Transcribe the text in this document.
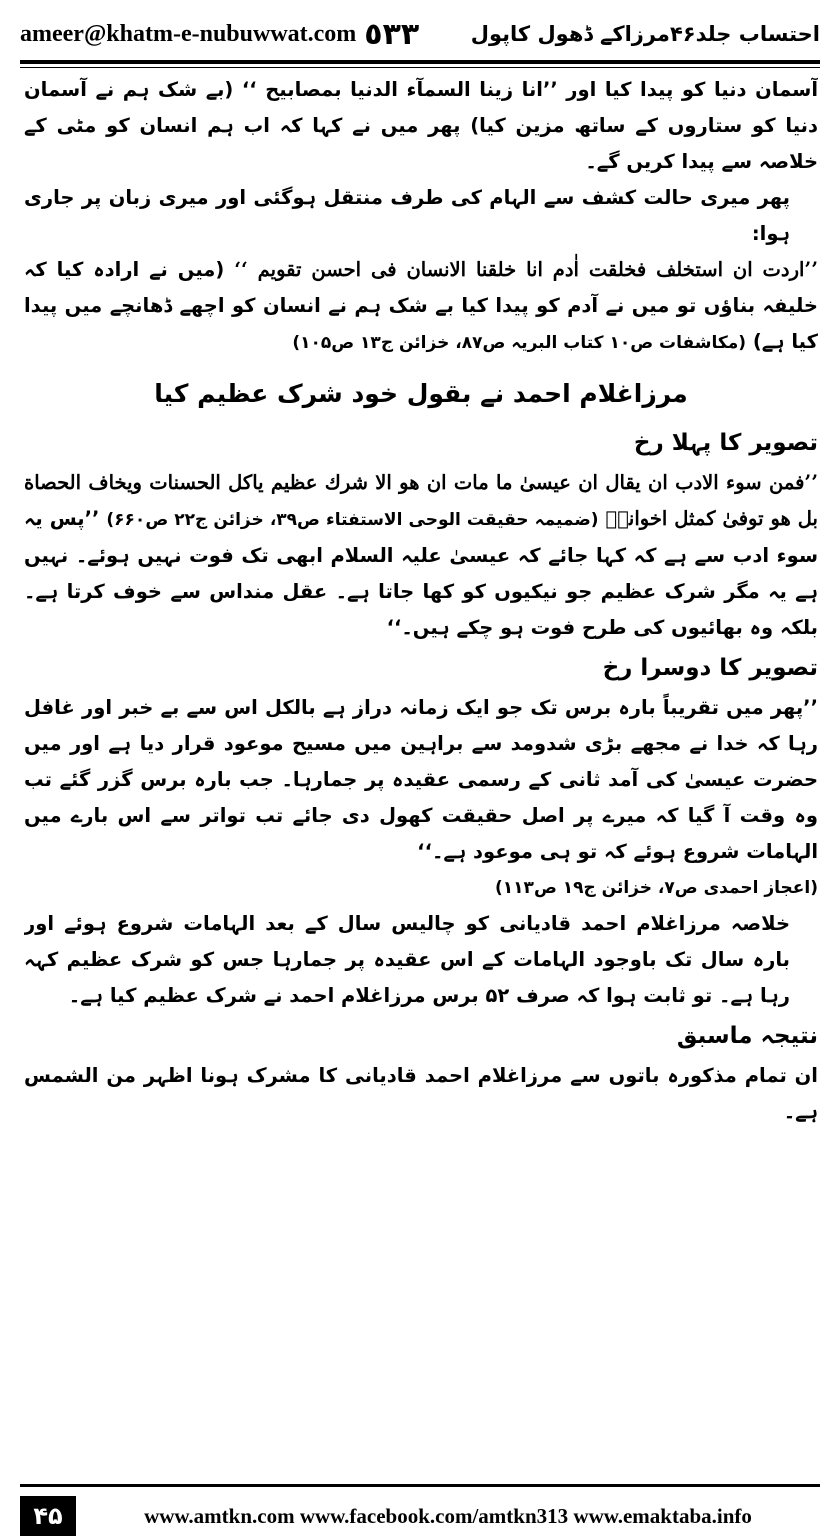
ameer@khatm-e-nubuwwat.com ٥٣٣ احتساب جلد۴۶مرزاکے ڈھول کاپول

آسمان دنیا کو پیدا کیا اور ’’انا زینا السمآء الدنیا بمصابیح ‘‘ (بے شک ہم نے آسمان دنیا کو ستاروں کے ساتھ مزین کیا) پھر میں نے کہا کہ اب ہم انسان کو مٹی کے خلاصہ سے پیدا کریں گے۔

پھر میری حالت کشف سے الہام کی طرف منتقل ہوگئی اور میری زبان پر جاری ہوا:

’’اردت ان استخلف فخلقت اٰدم انا خلقنا الانسان فی احسن تقویم ‘‘ (میں نے ارادہ کیا کہ خلیفہ بناؤں تو میں نے آدم کو پیدا کیا بے شک ہم نے انسان کو اچھے ڈھانچے میں پیدا کیا ہے) (مکاشفات ص۱۰ کتاب البریہ ص۸۷، خزائن ج۱۳ ص۱۰۵)

مرزاغلام احمد نے بقول خود شرک عظیم کیا

تصویر کا پہلا رخ

’’فمن سوء الادب ان یقال ان عیسیٰ ما مات ان هو الا شرك عظیم یاکل الحسنات ویخاف الحصاة بل هو توفیٰ کمثل اخوانهٖ (ضمیمہ حقیقت الوحی الاستفتاء ص۳۹، خزائن ج۲۲ ص۶۶۰) ’’پس یہ سوء ادب سے ہے کہ کہا جائے کہ عیسیٰ علیہ السلام ابھی تک فوت نہیں ہوئے۔ نہیں ہے یہ مگر شرک عظیم جو نیکیوں کو کھا جاتا ہے۔ عقل منداس سے خوف کرتا ہے۔ بلکہ وہ بھائیوں کی طرح فوت ہو چکے ہیں۔‘‘

تصویر کا دوسرا رخ

’’پھر میں تقریباً بارہ برس تک جو ایک زمانہ دراز ہے بالکل اس سے بے خبر اور غافل رہا کہ خدا نے مجھے بڑی شدومد سے براہین میں مسیح موعود قرار دیا ہے اور میں حضرت عیسیٰ کی آمد ثانی کے رسمی عقیدہ پر جمارہا۔ جب بارہ برس گزر گئے تب وہ وقت آ گیا کہ میرے پر اصل حقیقت کھول دی جائے تب تواتر سے اس بارے میں الہامات شروع ہوئے کہ تو ہی موعود ہے۔‘‘

(اعجاز احمدی ص۷، خزائن ج۱۹ ص۱۱۳)

خلاصہ مرزاغلام احمد قادیانی کو چالیس سال کے بعد الہامات شروع ہوئے اور بارہ سال تک باوجود الہامات کے اس عقیدہ پر جمارہا جس کو شرک عظیم کہہ رہا ہے۔ تو ثابت ہوا کہ صرف ۵۲ برس مرزاغلام احمد نے شرک عظیم کیا ہے۔

نتیجہ ماسبق

ان تمام مذکورہ باتوں سے مرزاغلام احمد قادیانی کا مشرک ہونا اظہر من الشمس ہے۔

۴۵	www.amtkn.com www.facebook.com/amtkn313 www.emaktaba.info
